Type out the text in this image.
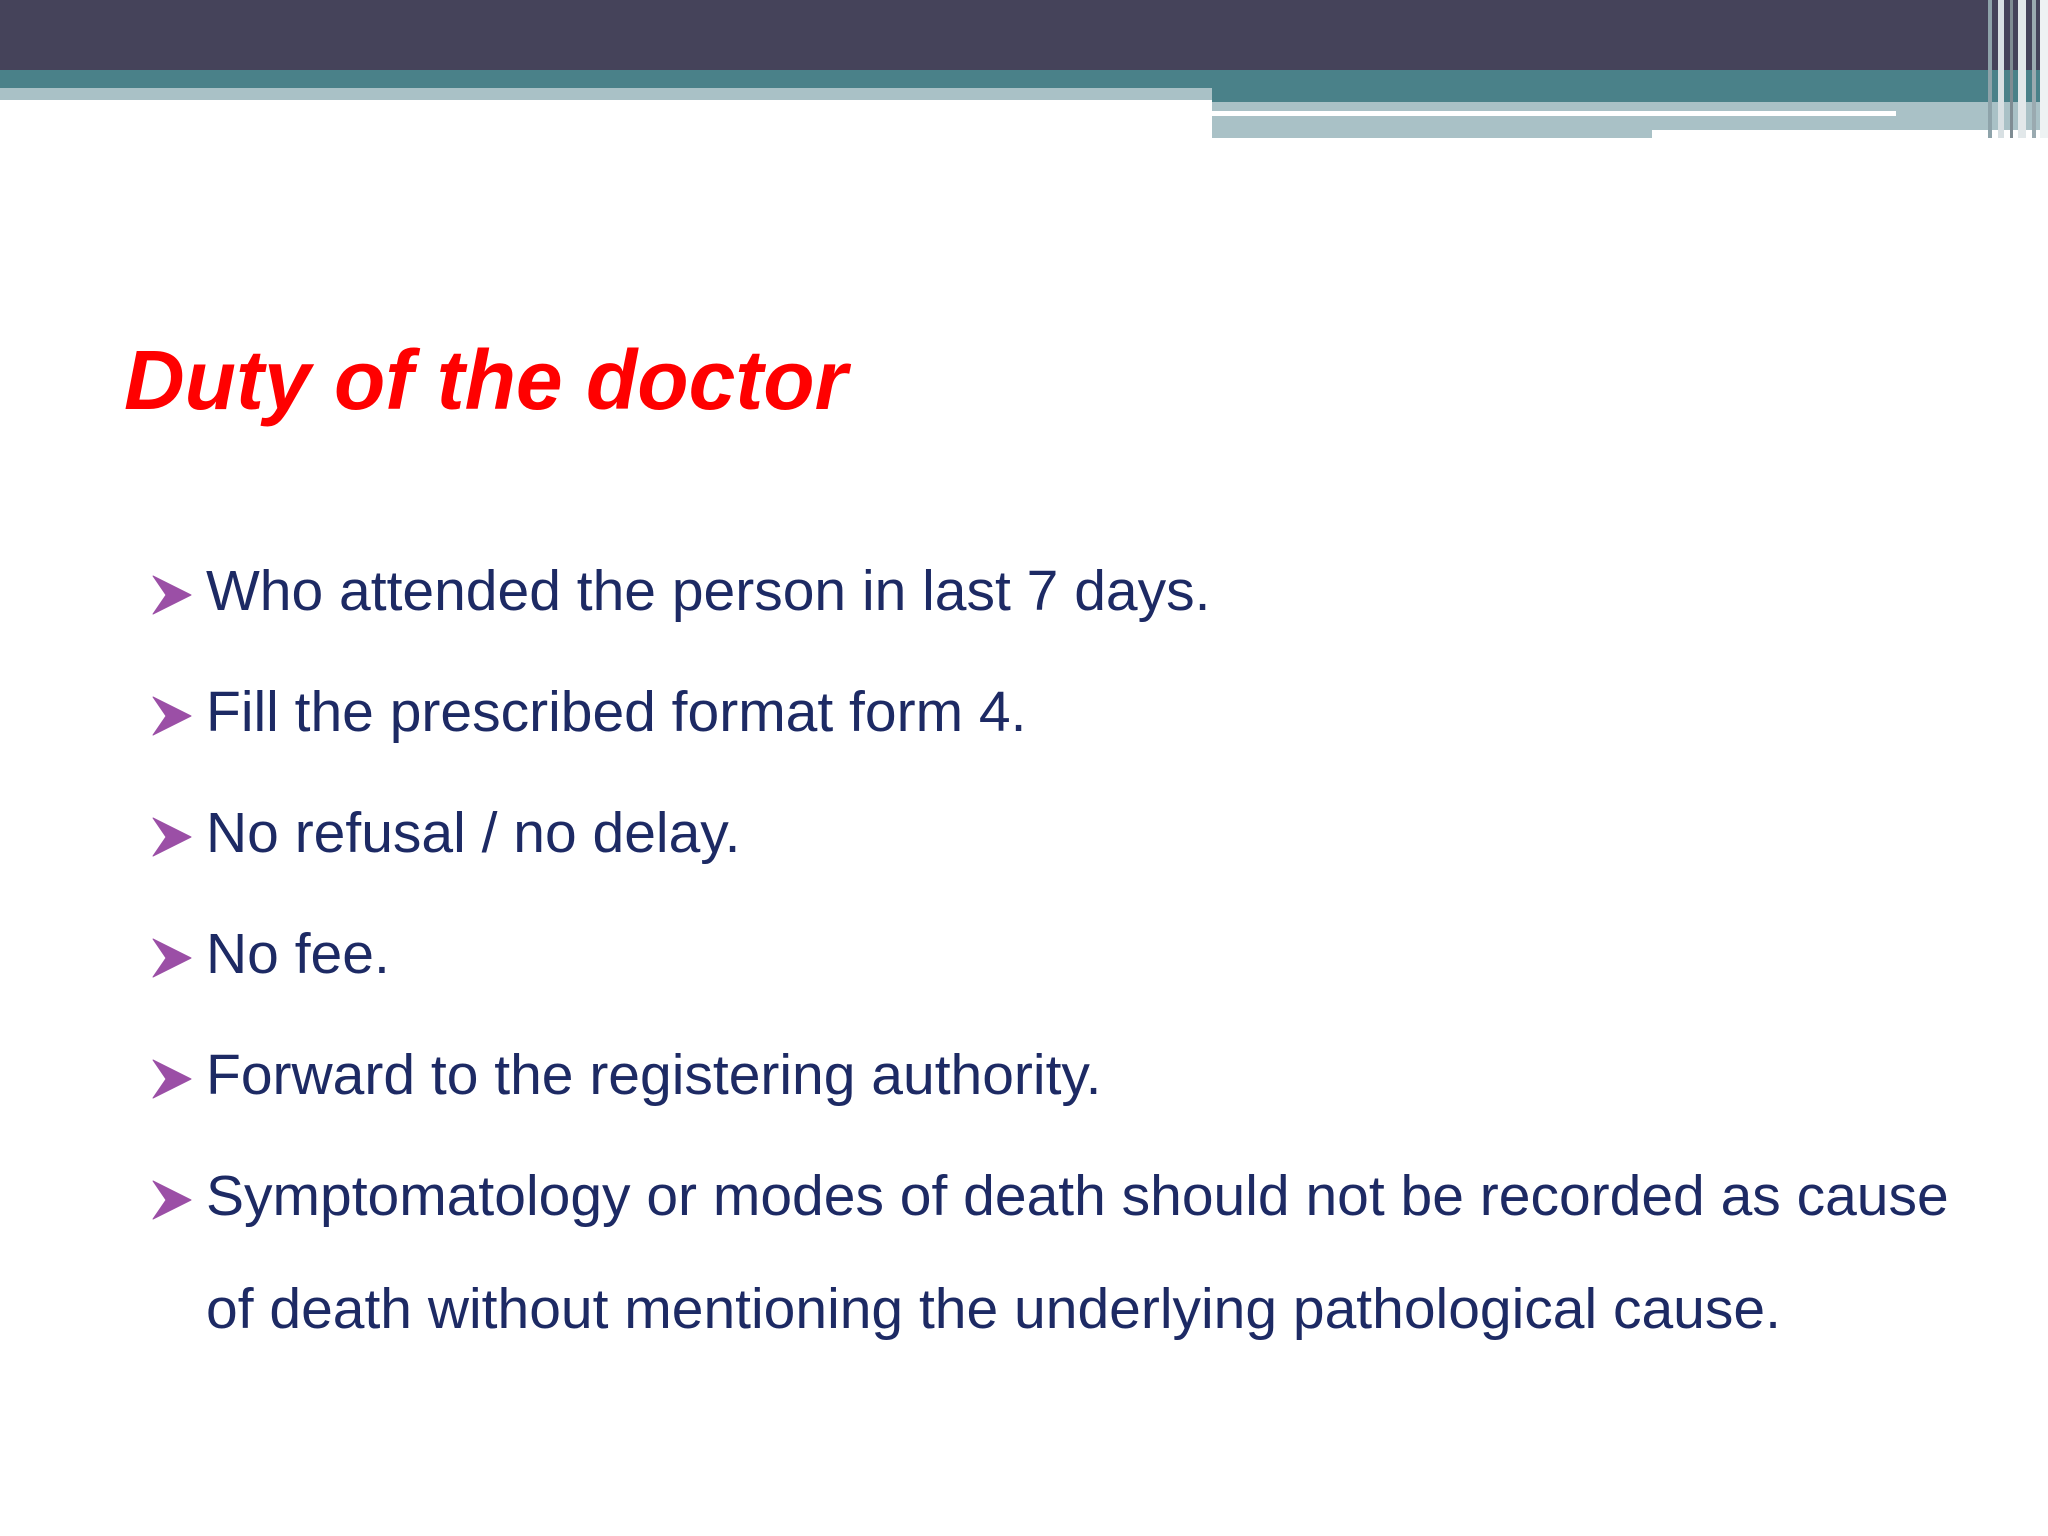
Duty of the doctor
Who attended the person in last 7 days.
Fill the prescribed format form 4.
No refusal / no delay.
No fee.
Forward to the registering authority.
Symptomatology or modes of death should not be recorded as cause of death without mentioning the underlying pathological cause.
